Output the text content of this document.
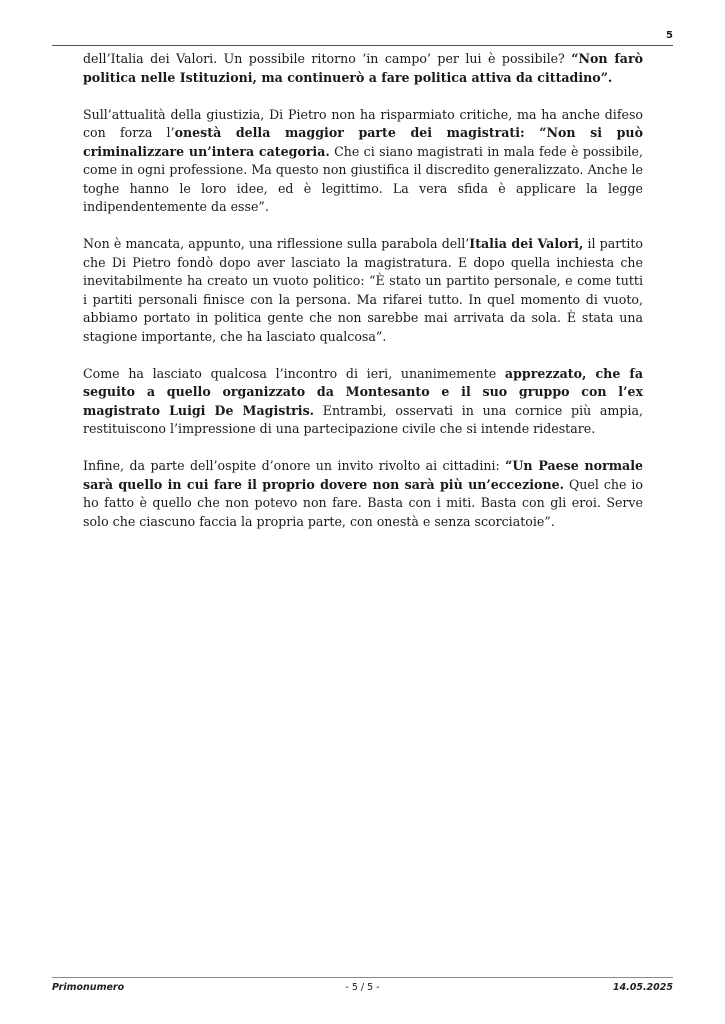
5

dell’Italia dei Valori. Un possibile ritorno ‘in campo’ per lui è possibile? “Non farò politica nelle Istituzioni, ma continuerò a fare politica attiva da cittadino”.

Sull’attualità della giustizia, Di Pietro non ha risparmiato critiche, ma ha anche difeso con forza l’onestà della maggior parte dei magistrati: “Non si può criminalizzare un’intera categoria. Che ci siano magistrati in mala fede è possibile, come in ogni professione. Ma questo non giustifica il discredito generalizzato. Anche le toghe hanno le loro idee, ed è legittimo. La vera sfida è applicare la legge indipendentemente da esse”.

Non è mancata, appunto, una riflessione sulla parabola dell’Italia dei Valori, il partito che Di Pietro fondò dopo aver lasciato la magistratura. E dopo quella inchiesta che inevitabilmente ha creato un vuoto politico: “È stato un partito personale, e come tutti i partiti personali finisce con la persona. Ma rifarei tutto. In quel momento di vuoto, abbiamo portato in politica gente che non sarebbe mai arrivata da sola. È stata una stagione importante, che ha lasciato qualcosa”.

Come ha lasciato qualcosa l’incontro di ieri, unanimemente apprezzato, che fa seguito a quello organizzato da Montesanto e il suo gruppo con l’ex magistrato Luigi De Magistris. Entrambi, osservati in una cornice più ampia, restituiscono l’impressione di una partecipazione civile che si intende ridestare.

Infine, da parte dell’ospite d’onore un invito rivolto ai cittadini: “Un Paese normale sarà quello in cui fare il proprio dovere non sarà più un’eccezione. Quel che io ho fatto è quello che non potevo non fare. Basta con i miti. Basta con gli eroi. Serve solo che ciascuno faccia la propria parte, con onestà e senza scorciatoie”.

Primonumero	- 5 / 5 -	14.05.2025
